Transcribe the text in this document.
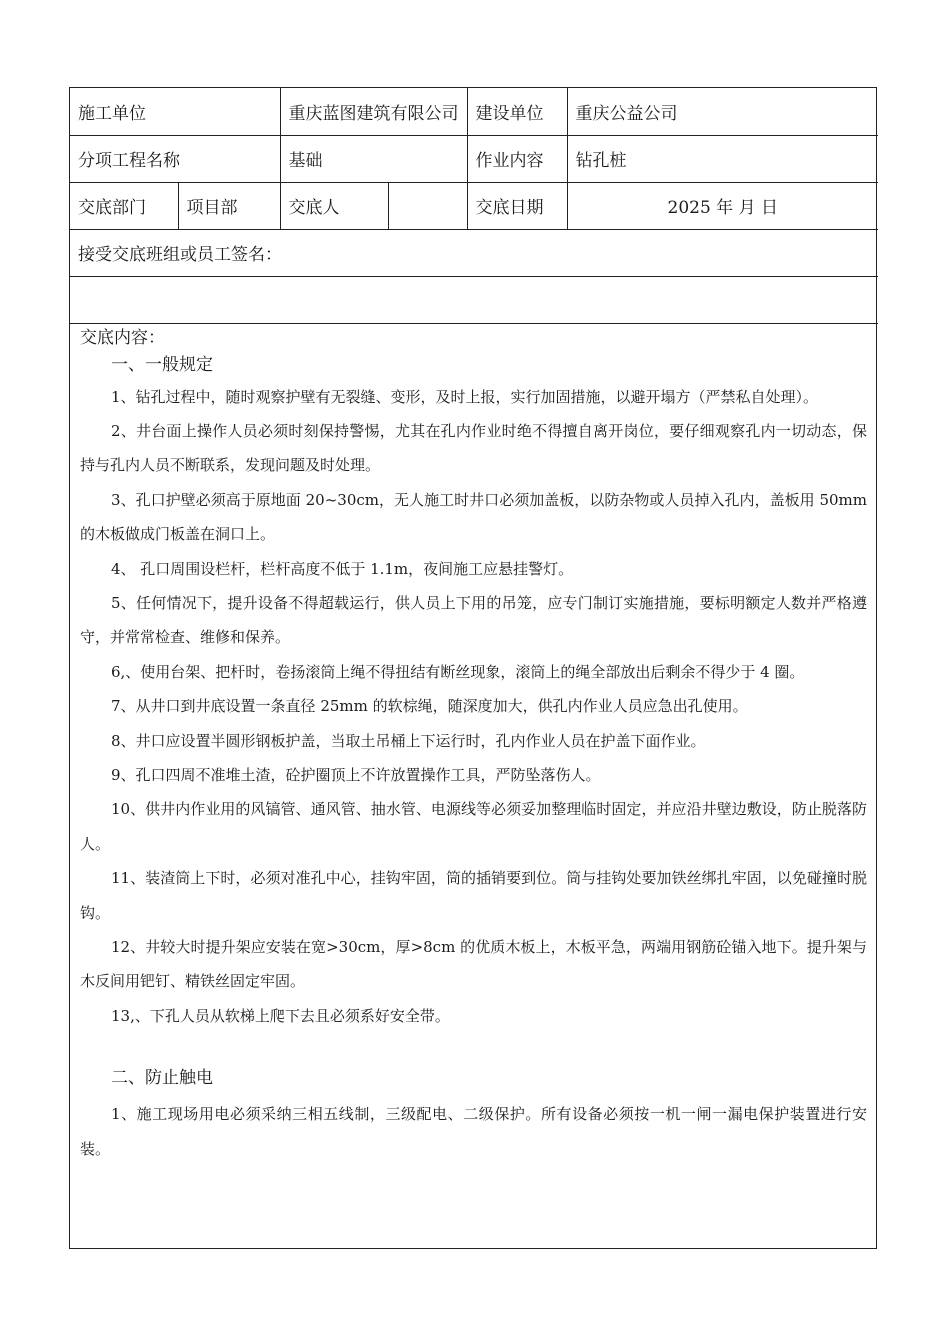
施工单位		重庆蓝图建筑有限公司		建设单位	重庆公益公司
分项工程名称		基础		作业内容	钻孔桩
交底部门	项目部	交底人		交底日期	2025 年 月 日
接受交底班组或员工签名：					

交底内容：
一、一般规定
1、钻孔过程中，随时观察护壁有无裂缝、变形，及时上报，实行加固措施，以避开塌方（严禁私自处理）。
2、井台面上操作人员必须时刻保持警惕，尤其在孔内作业时绝不得擅自离开岗位，要仔细观察孔内一切动态，保持与孔内人员不断联系，发现问题及时处理。
3、孔口护壁必须高于原地面 20~30cm，无人施工时井口必须加盖板，以防杂物或人员掉入孔内，盖板用 50mm 的木板做成门板盖在洞口上。
4、 孔口周围设栏杆，栏杆高度不低于 1.1m，夜间施工应悬挂警灯。
5、任何情况下，提升设备不得超载运行，供人员上下用的吊笼，应专门制订实施措施，要标明额定人数并严格遵守，并常常检查、维修和保养。
6,、使用台架、把杆时，卷扬滚筒上绳不得扭结有断丝现象，滚筒上的绳全部放出后剩余不得少于 4 圈。
7、从井口到井底设置一条直径 25mm 的软棕绳，随深度加大，供孔内作业人员应急出孔使用。
8、井口应设置半圆形钢板护盖，当取土吊桶上下运行时，孔内作业人员在护盖下面作业。
9、孔口四周不准堆土渣，砼护圈顶上不许放置操作工具，严防坠落伤人。
10、供井内作业用的风镐管、通风管、抽水管、电源线等必须妥加整理临时固定，并应沿井壁边敷设，防止脱落防人。
11、装渣筒上下时，必须对准孔中心，挂钩牢固，筒的插销要到位。筒与挂钩处要加铁丝绑扎牢固，以免碰撞时脱钩。
12、井较大时提升架应安装在宽>30cm，厚>8cm 的优质木板上，木板平急，两端用钢筋砼锚入地下。提升架与木反间用钯钉、精铁丝固定牢固。
13,、下孔人员从软梯上爬下去且必须系好安全带。
二、防止触电
1、施工现场用电必须采纳三相五线制，三级配电、二级保护。所有设备必须按一机一闸一漏电保护装置进行安装。
